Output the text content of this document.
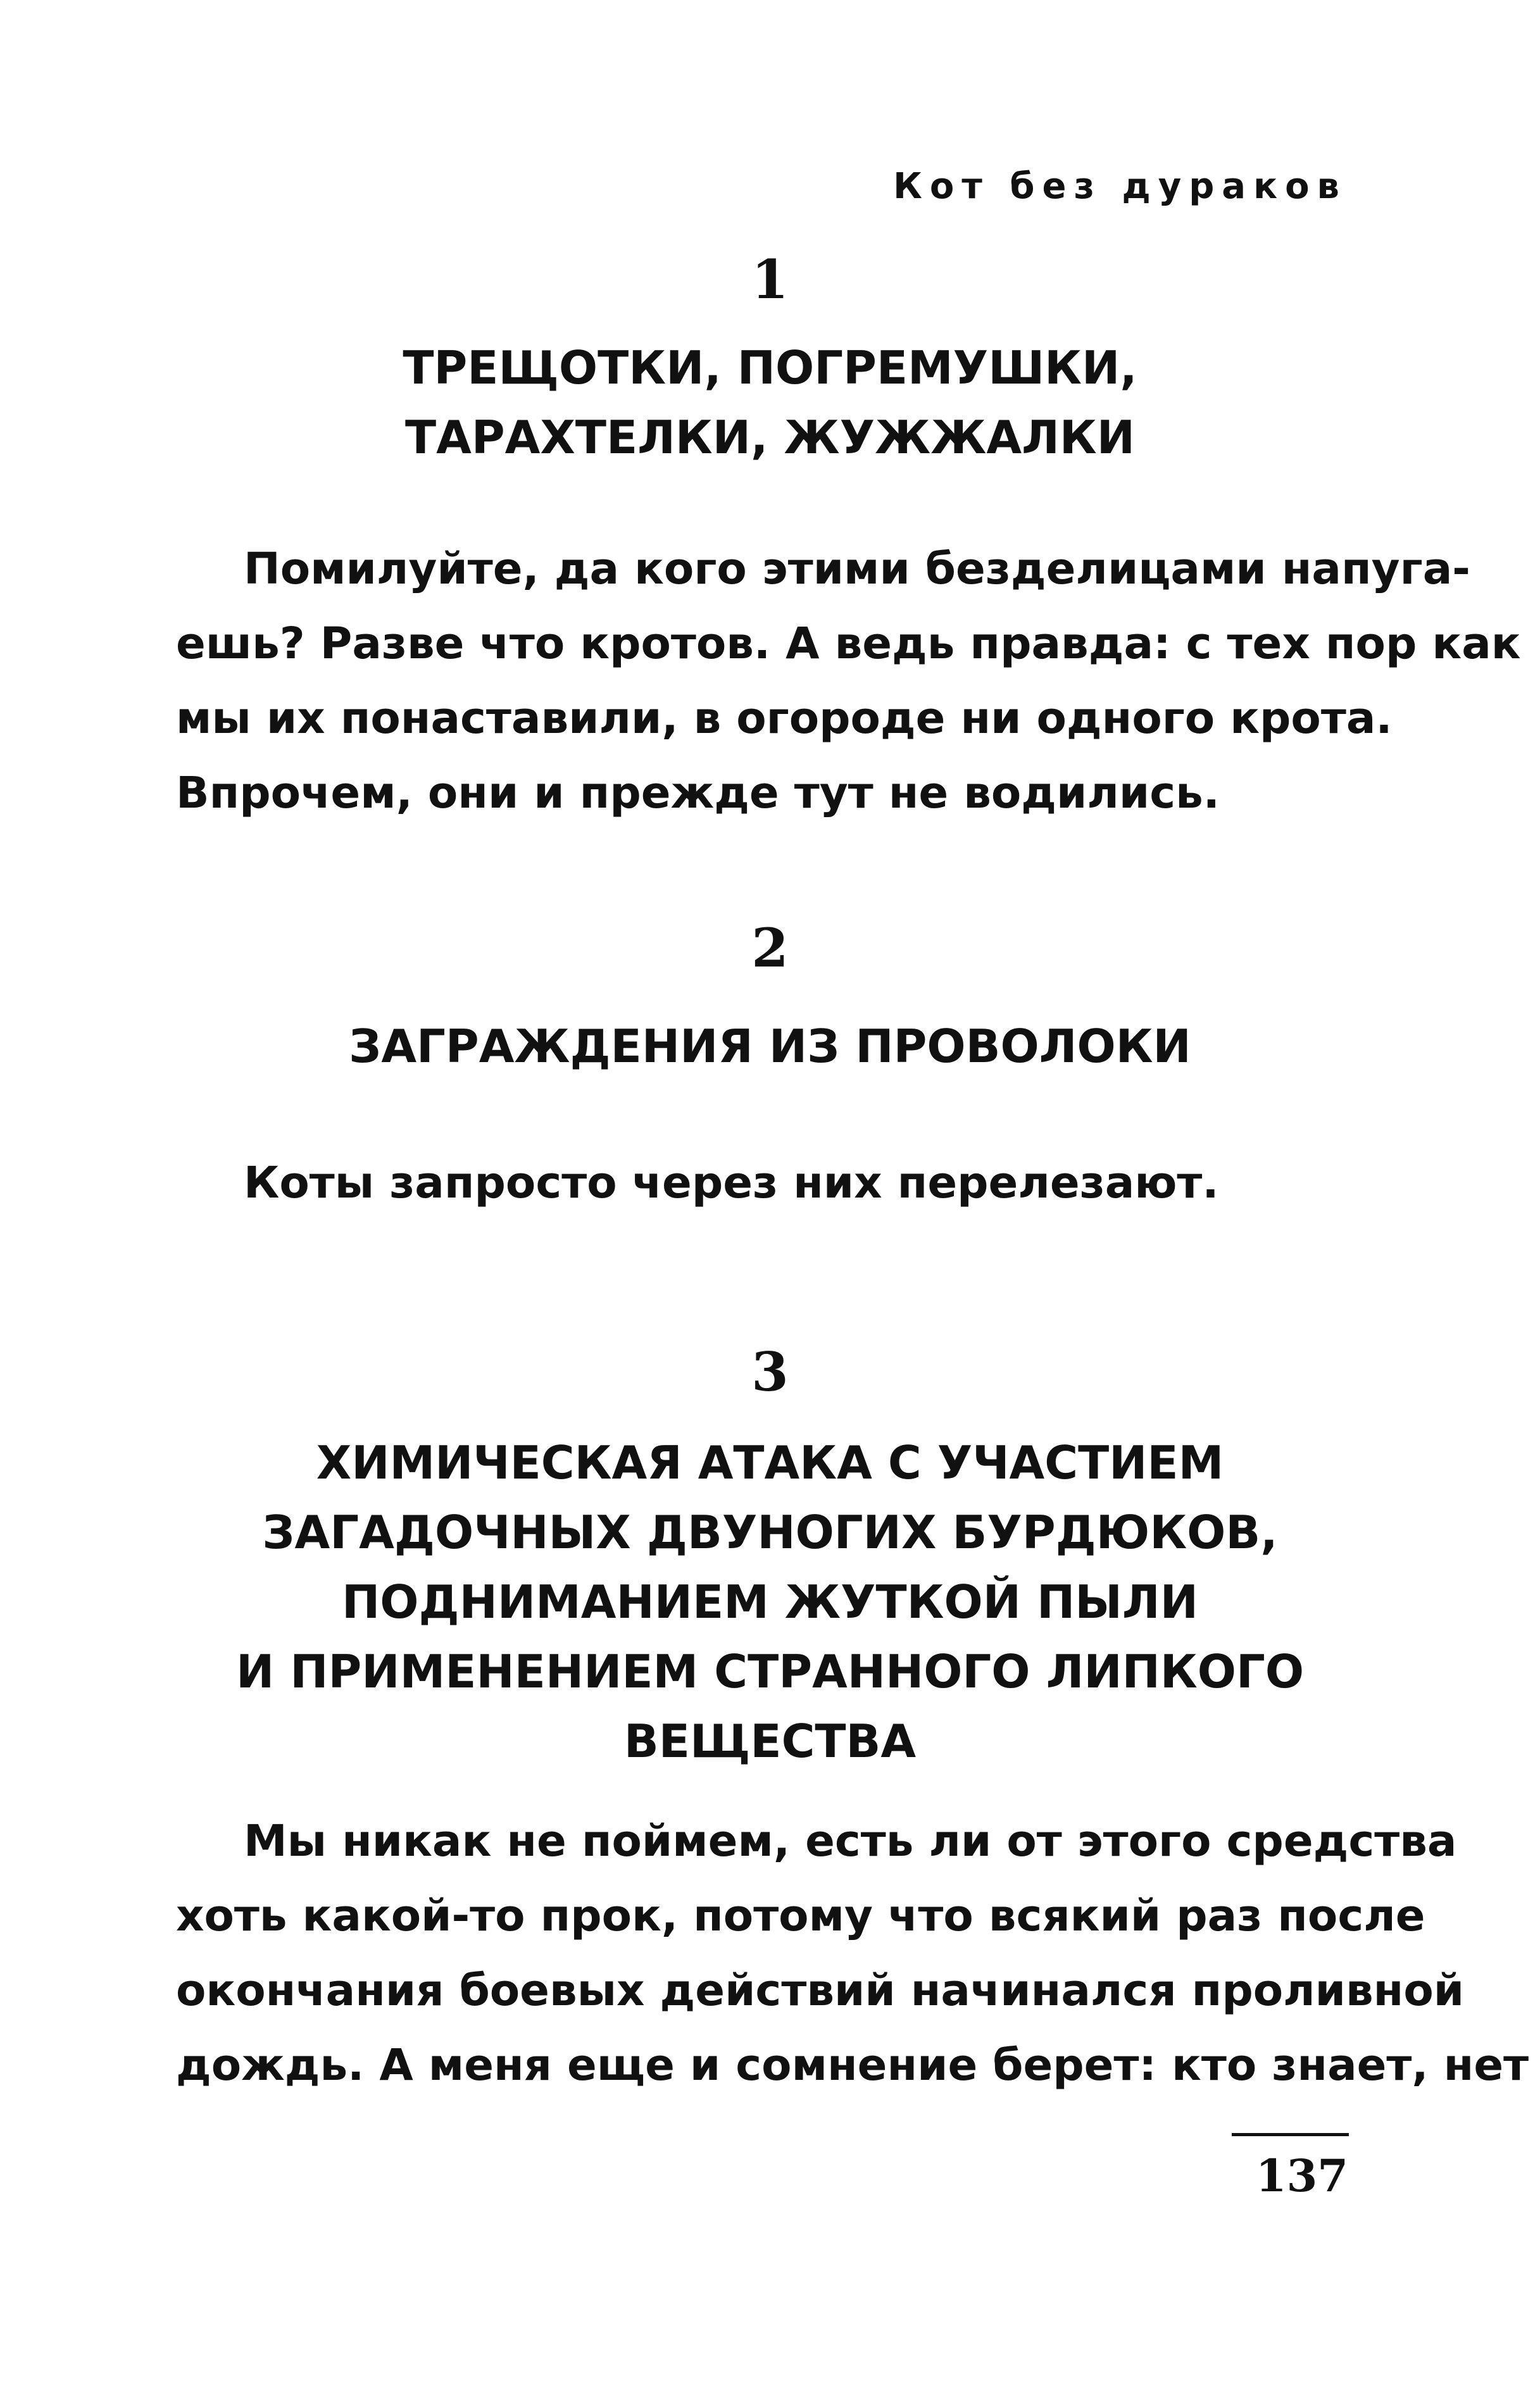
Кот без дураков
1
ТРЕЩОТКИ, ПОГРЕМУШКИ,
ТАРАХТЕЛКИ, ЖУЖЖАЛКИ
Помилуйте, да кого этими безделицами напуга-
ешь? Разве что кротов. А ведь правда: с тех пор как
мы их понаставили, в огороде ни одного крота.
Впрочем, они и прежде тут не водились.
2
ЗАГРАЖДЕНИЯ ИЗ ПРОВОЛОКИ
Коты запросто через них перелезают.
3
ХИМИЧЕСКАЯ АТАКА С УЧАСТИЕМ
ЗАГАДОЧНЫХ ДВУНОГИХ БУРДЮКОВ,
ПОДНИМАНИЕМ ЖУТКОЙ ПЫЛИ
И ПРИМЕНЕНИЕМ СТРАННОГО ЛИПКОГО
ВЕЩЕСТВА
Мы никак не поймем, есть ли от этого средства
хоть какой-то прок, потому что всякий раз после
окончания боевых действий начинался проливной
дождь. А меня еще и сомнение берет: кто знает, нет
137
